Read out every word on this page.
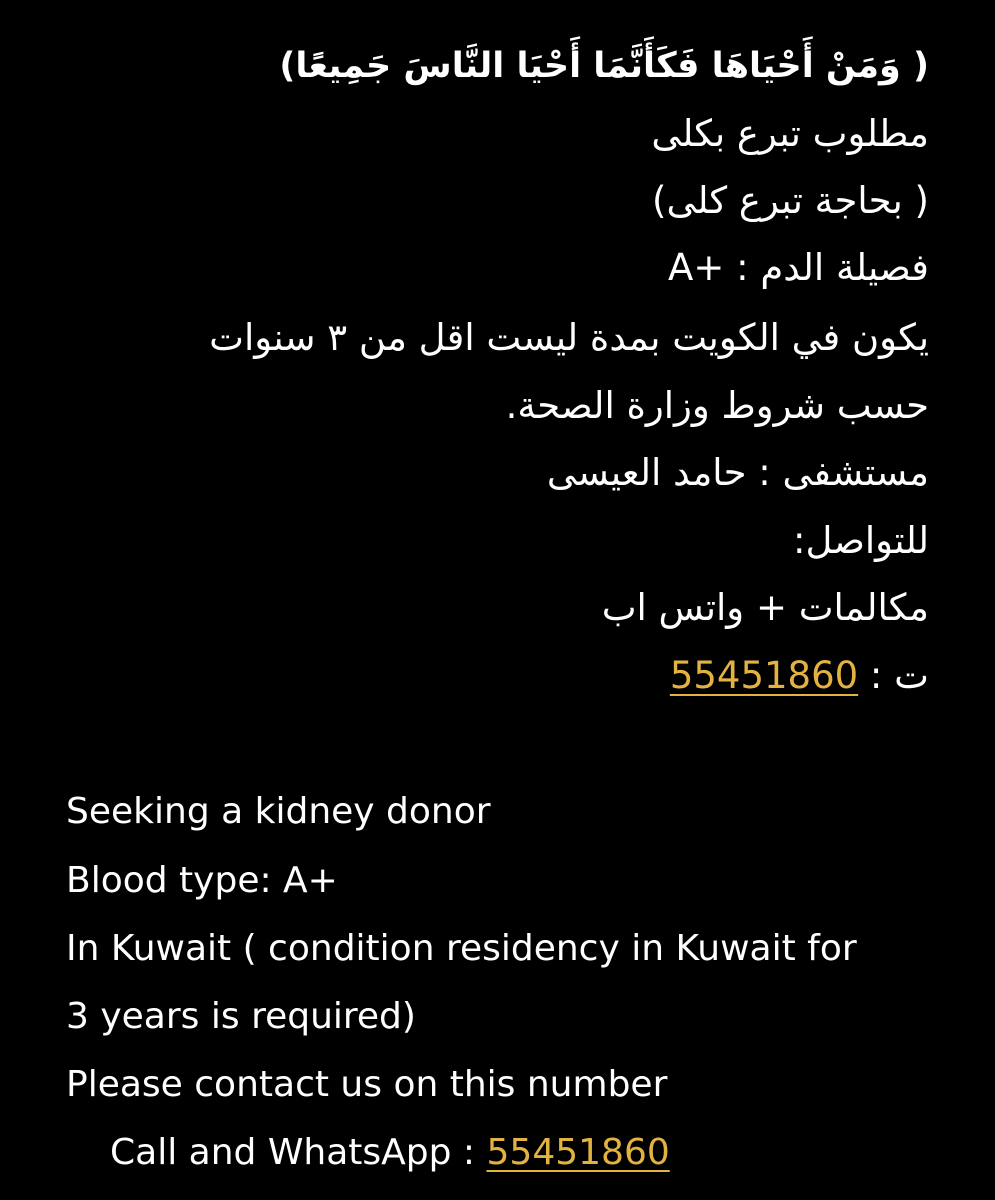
( وَمَنْ أَحْيَاهَا فَكَأَنَّمَا أَحْيَا النَّاسَ جَمِيعًا)
مطلوب تبرع بكلى
( بحاجة تبرع كلى)
فصيلة الدم : +A
يكون في الكويت بمدة ليست اقل من ٣ سنوات
حسب شروط وزارة الصحة.
مستشفى : حامد العيسى
للتواصل:
مكالمات + واتس اب
ت : 55451860
Seeking a kidney donor
Blood type: A+
In Kuwait ( condition residency in Kuwait for
3 years is required)
Please contact us on this number
Call and WhatsApp : 55451860
